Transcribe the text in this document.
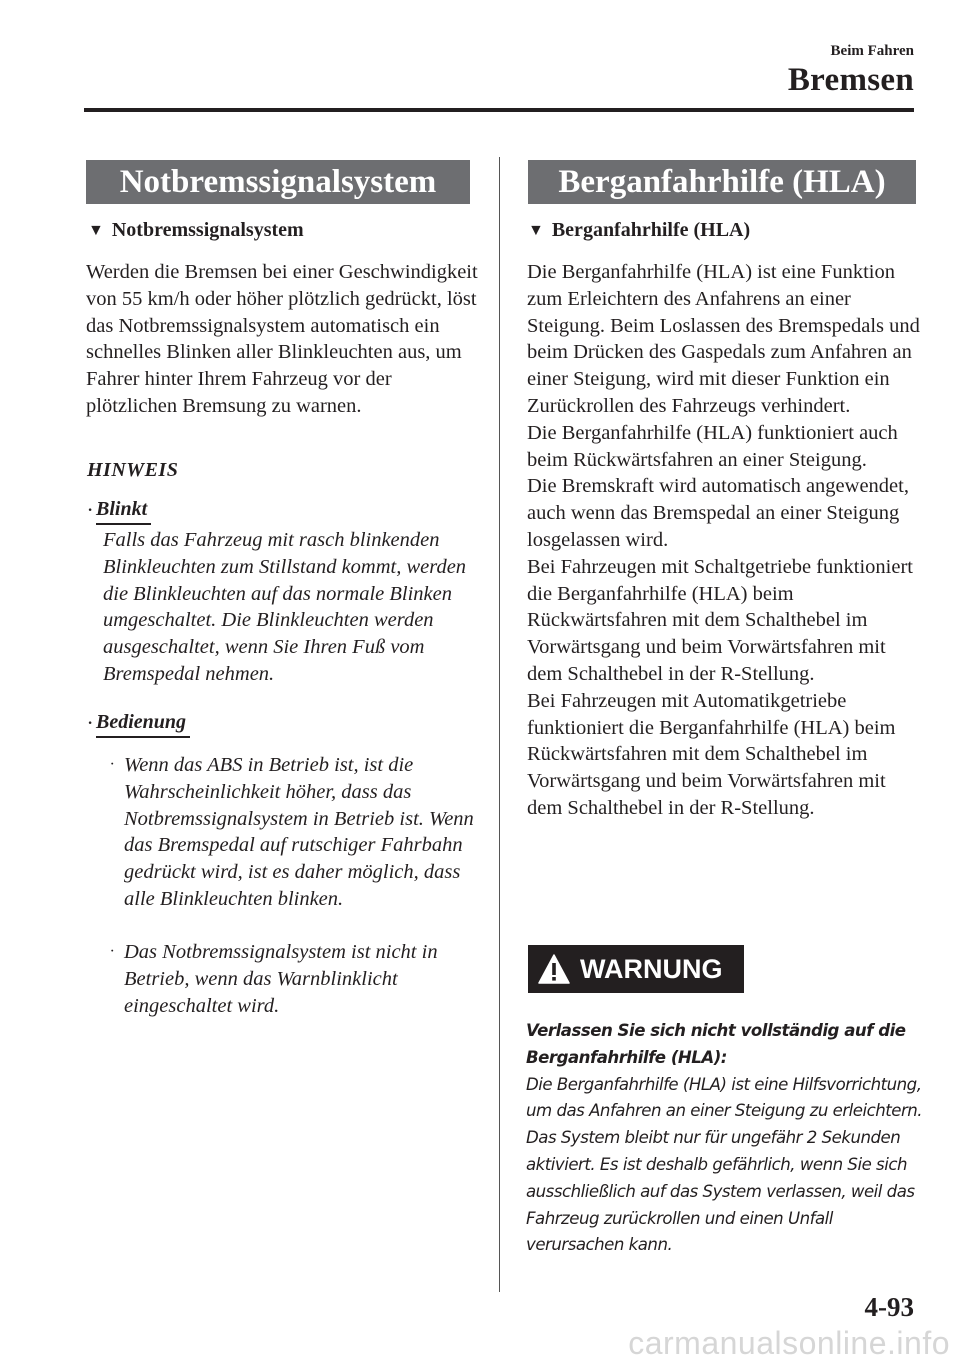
Beim Fahren
Bremsen
Notbremssignalsystem
▼ Notbremssignalsystem
Werden die Bremsen bei einer Geschwindigkeit von 55 km/h oder höher plötzlich gedrückt, löst das Notbremssignalsystem automatisch ein schnelles Blinken aller Blinkleuchten aus, um Fahrer hinter Ihrem Fahrzeug vor der plötzlichen Bremsung zu warnen.
HINWEIS
· Blinkt
Falls das Fahrzeug mit rasch blinkenden Blinkleuchten zum Stillstand kommt, werden die Blinkleuchten auf das normale Blinken umgeschaltet. Die Blinkleuchten werden ausgeschaltet, wenn Sie Ihren Fuß vom Bremspedal nehmen.
· Bedienung
· Wenn das ABS in Betrieb ist, ist die Wahrscheinlichkeit höher, dass das Notbremssignalsystem in Betrieb ist. Wenn das Bremspedal auf rutschiger Fahrbahn gedrückt wird, ist es daher möglich, dass alle Blinkleuchten blinken.
· Das Notbremssignalsystem ist nicht in Betrieb, wenn das Warnblinklicht eingeschaltet wird.
Berganfahrhilfe (HLA)
▼ Berganfahrhilfe (HLA)

Die Berganfahrhilfe (HLA) ist eine Funktion zum Erleichtern des Anfahrens an einer Steigung. Beim Loslassen des Bremspedals und beim Drücken des Gaspedals zum Anfahren an einer Steigung, wird mit dieser Funktion ein Zurückrollen des Fahrzeugs verhindert.

Die Berganfahrhilfe (HLA) funktioniert auch beim Rückwärtsfahren an einer Steigung.

Die Bremskraft wird automatisch angewendet, auch wenn das Bremspedal an einer Steigung losgelassen wird.

Bei Fahrzeugen mit Schaltgetriebe funktioniert die Berganfahrhilfe (HLA) beim Rückwärtsfahren mit dem Schalthebel im Vorwärtsgang und beim Vorwärtsfahren mit dem Schalthebel in der R-Stellung.

Bei Fahrzeugen mit Automatikgetriebe funktioniert die Berganfahrhilfe (HLA) beim Rückwärtsfahren mit dem Schalthebel im Vorwärtsgang und beim Vorwärtsfahren mit dem Schalthebel in der R-Stellung.

WARNUNG

Verlassen Sie sich nicht vollständig auf die Berganfahrhilfe (HLA):

Die Berganfahrhilfe (HLA) ist eine Hilfsvorrichtung, um das Anfahren an einer Steigung zu erleichtern. Das System bleibt nur für ungefähr 2 Sekunden aktiviert. Es ist deshalb gefährlich, wenn Sie sich ausschließlich auf das System verlassen, weil das Fahrzeug zurückrollen und einen Unfall verursachen kann.

4-93
carmanualsonline.info
